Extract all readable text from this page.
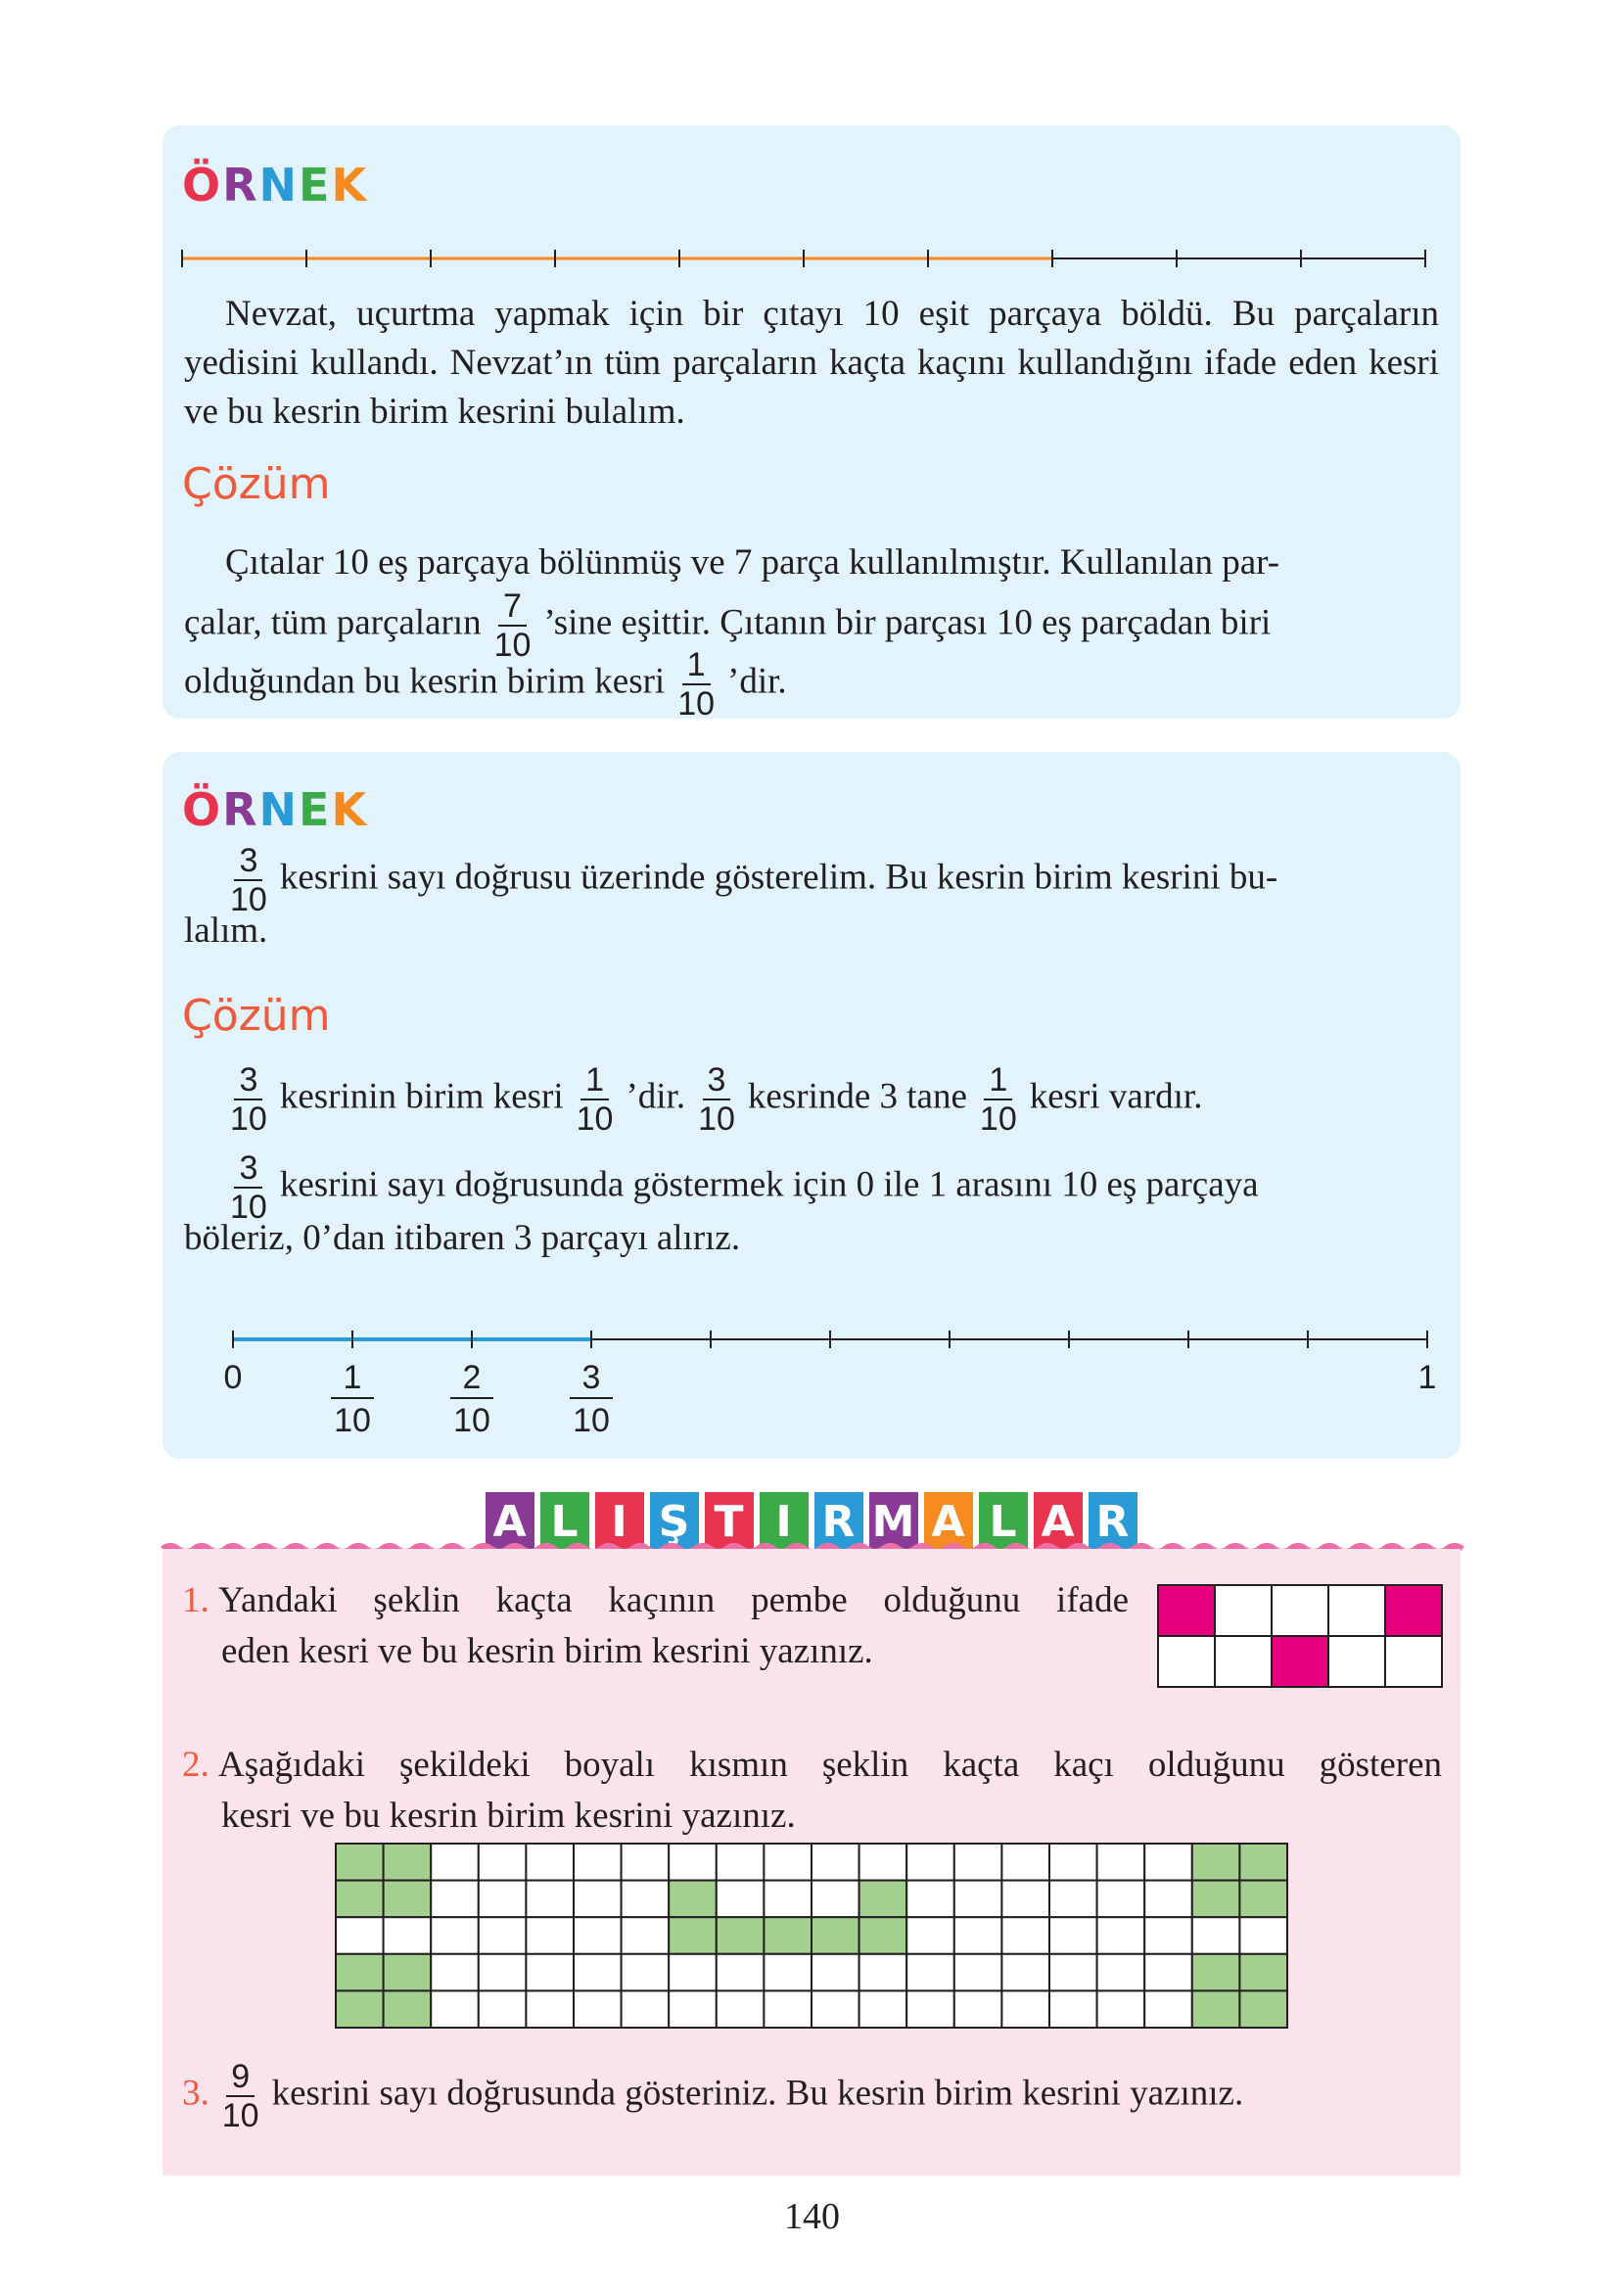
ÖRNEK

Nevzat, uçurtma yapmak için bir çıtayı 10 eşit parçaya böldü. Bu parçaların yedisini kullandı. Nevzat’ın tüm parçaların kaçta kaçını kullandığını ifade eden kesri ve bu kesrin birim kesrini bulalım.

Çözüm
Çıtalar 10 eş parçaya bölünmüş ve 7 parça kullanılmıştır. Kullanılan par-
çalar, tüm parçaların $\frac{7}{10}$ ’sine eşittir. Çıtanın bir parçası 10 eş parçadan biri
olduğundan bu kesrin birim kesri $\frac{1}{10}$ ’dir.
ÖRNEK
$\frac{3}{10}$ kesrini sayı doğrusu üzerinde gösterelim. Bu kesrin birim kesrini bu-
lalım.
Çözüm
$\frac{3}{10}$ kesrinin birim kesri $\frac{1}{10}$ ’dir. $\frac{3}{10}$ kesrinde 3 tane $\frac{1}{10}$ kesri vardır.
$\frac{3}{10}$ kesrini sayı doğrusunda göstermek için 0 ile 1 arasını 10 eş parçaya
böleriz, 0’dan itibaren 3 parçayı alırız.
0	1
1
10
2
10
3
10
A L I Ş T I R M A L A R
1. Yandaki şeklin kaçta kaçının pembe olduğunu ifade
eden kesri ve bu kesrin birim kesrini yazınız.
2. Aşağıdaki şekildeki boyalı kısmın şeklin kaçta kaçı olduğunu gösteren
kesri ve bu kesrin birim kesrini yazınız.
3. $\frac{9}{10}$ kesrini sayı doğrusunda gösteriniz. Bu kesrin birim kesrini yazınız.
140
